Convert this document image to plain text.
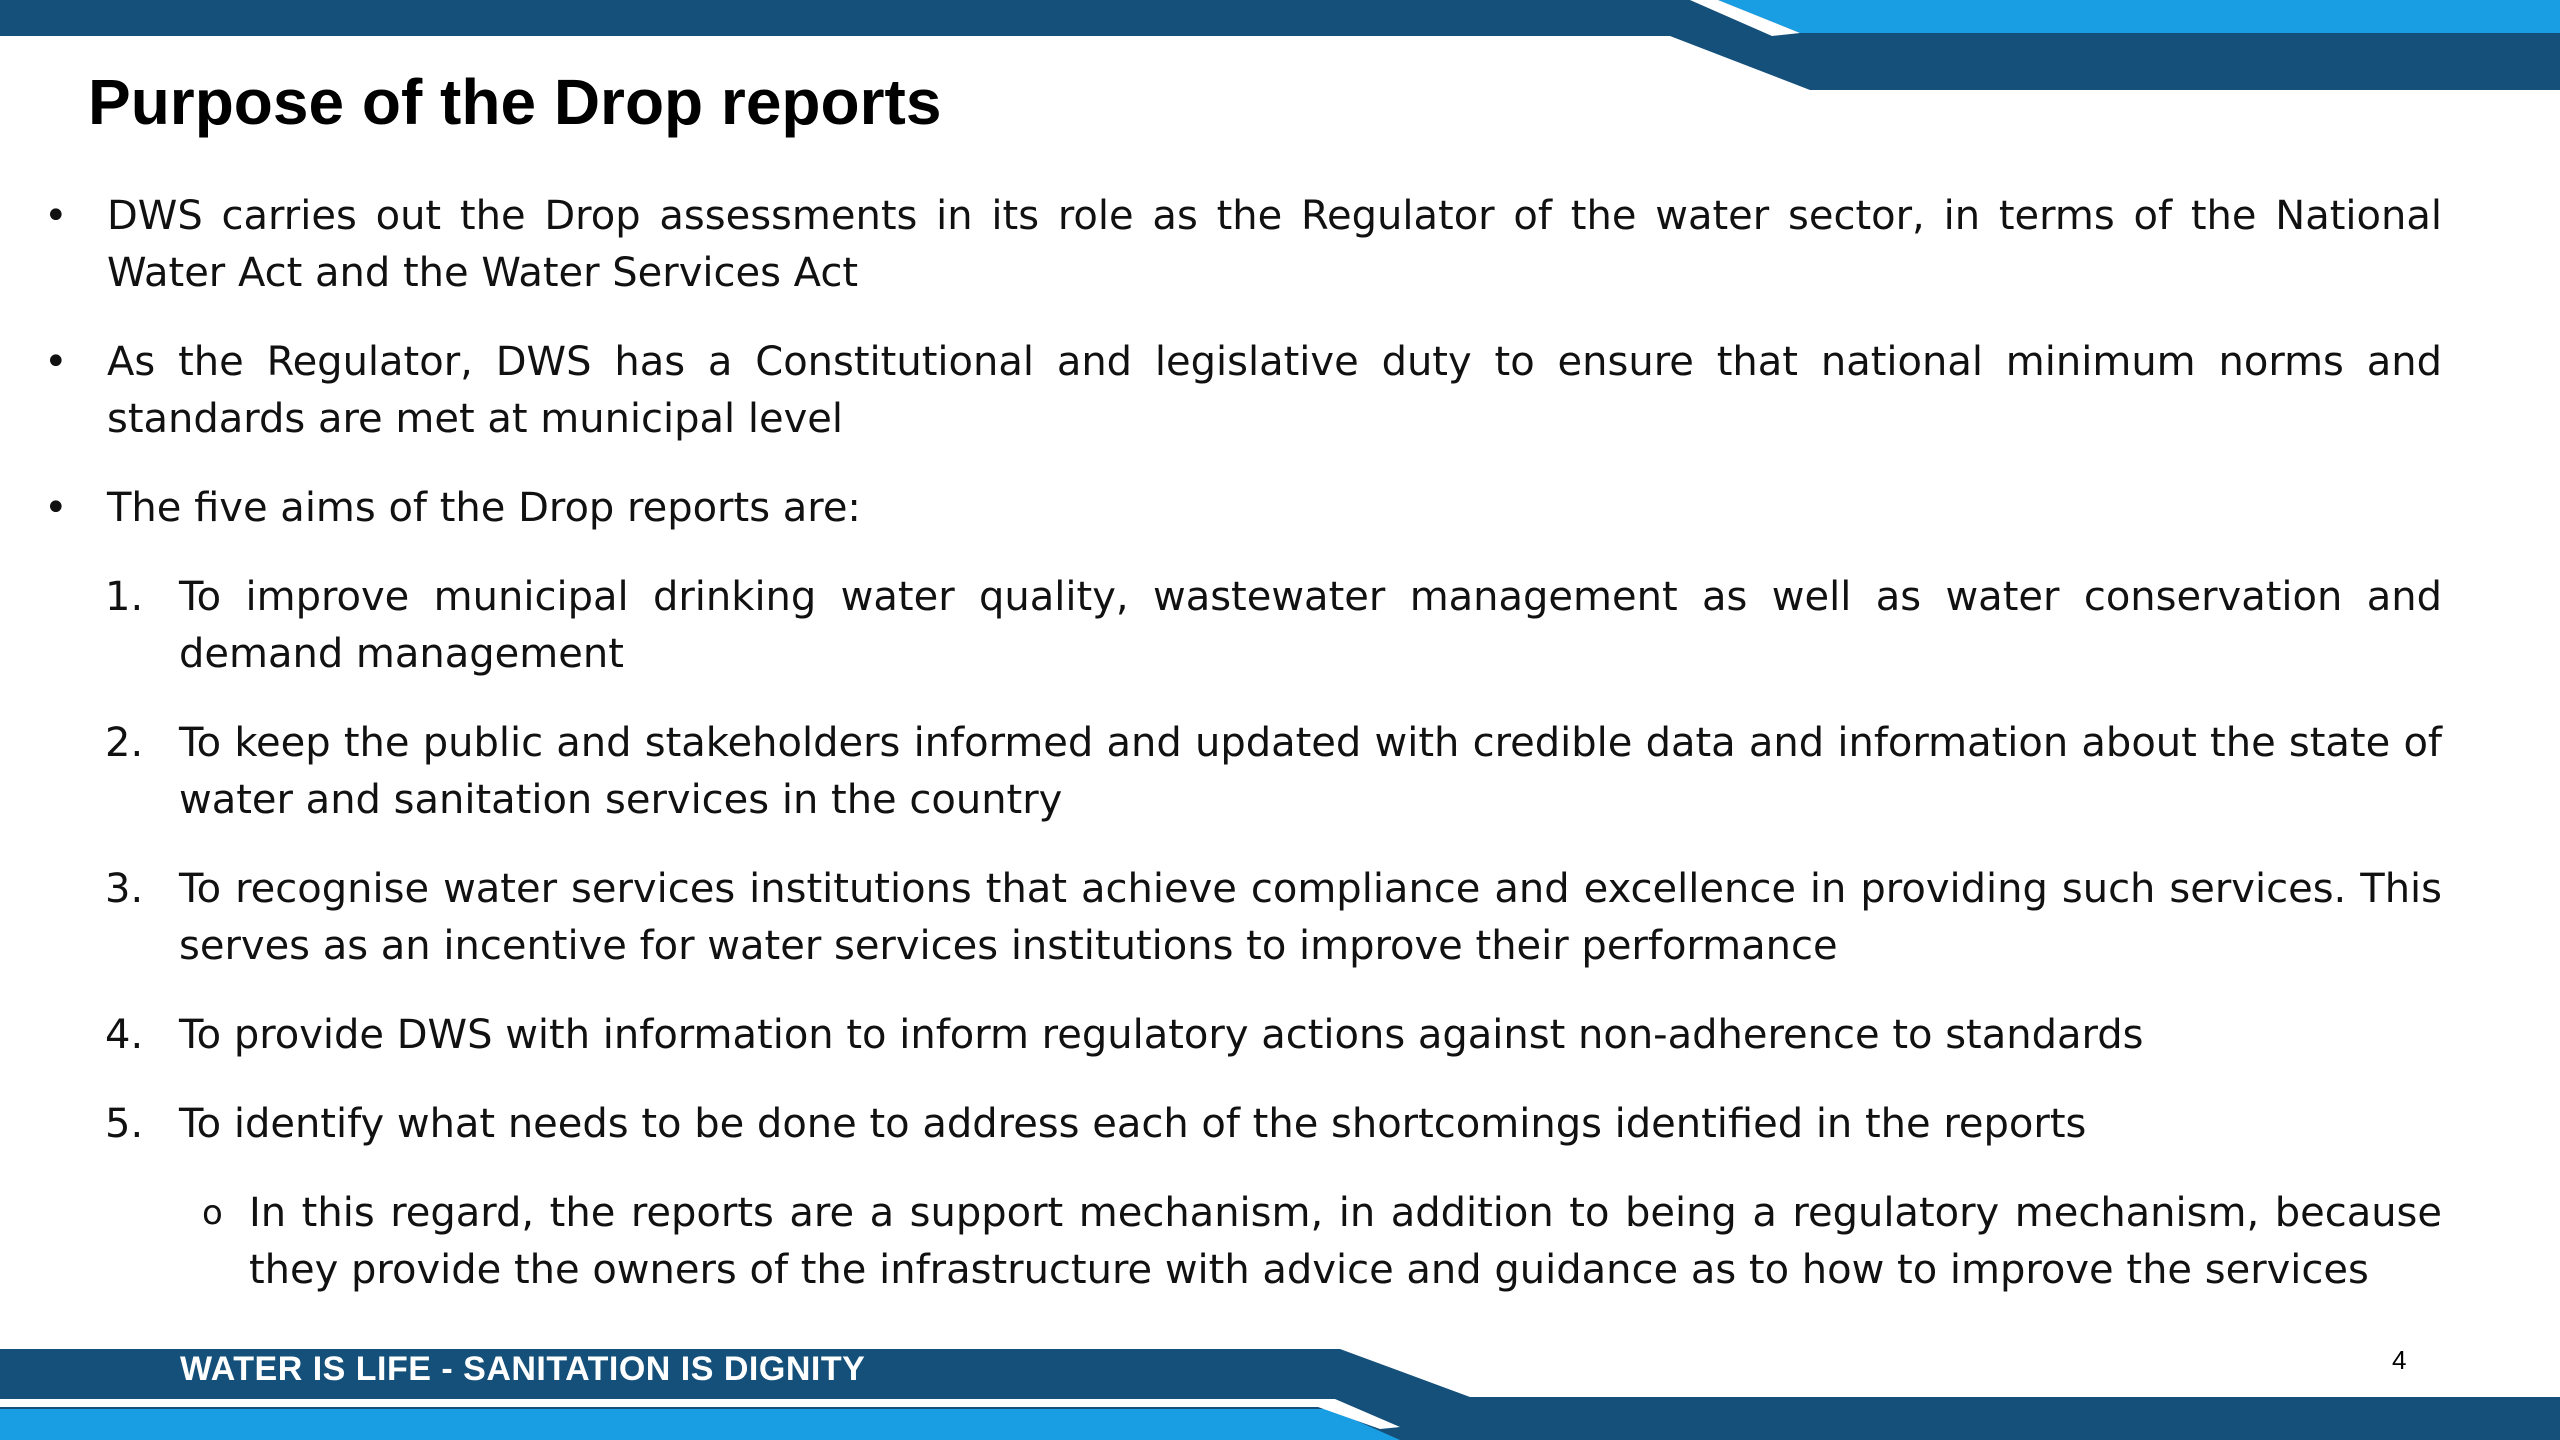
Purpose of the Drop reports
• DWS carries out the Drop assessments in its role as the Regulator of the water sector, in terms of the National Water Act and the Water Services Act
• As the Regulator, DWS has a Constitutional and legislative duty to ensure that national minimum norms and standards are met at municipal level
• The five aims of the Drop reports are:
1. To improve municipal drinking water quality, wastewater management as well as water conservation and demand management
2. To keep the public and stakeholders informed and updated with credible data and information about the state of water and sanitation services in the country
3. To recognise water services institutions that achieve compliance and excellence in providing such services. This serves as an incentive for water services institutions to improve their performance
4. To provide DWS with information to inform regulatory actions against non-adherence to standards
5. To identify what needs to be done to address each of the shortcomings identified in the reports
o In this regard, the reports are a support mechanism, in addition to being a regulatory mechanism, because they provide the owners of the infrastructure with advice and guidance as to how to improve the services
WATER IS LIFE - SANITATION IS DIGNITY	4
